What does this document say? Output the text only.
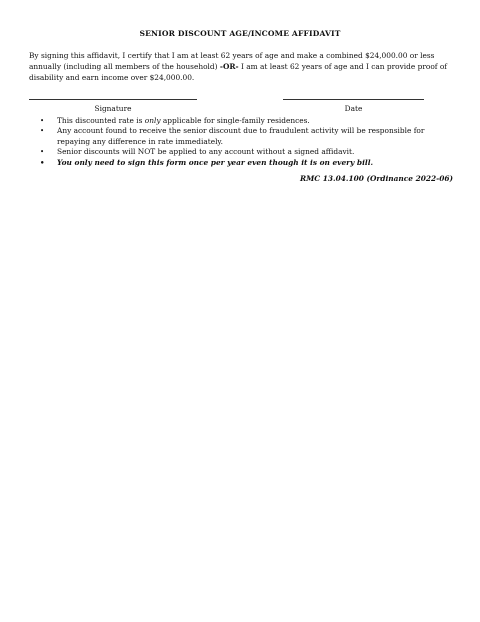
SENIOR DISCOUNT AGE/INCOME AFFIDAVIT
By signing this affidavit, I certify that I am at least 62 years of age and make a combined $24,000.00 or less annually (including all members of the household) -OR- I am at least 62 years of age and I can provide proof of disability and earn income over $24,000.00.
Signature	Date
• This discounted rate is only applicable for single-family residences.
• Any account found to receive the senior discount due to fraudulent activity will be responsible for repaying any difference in rate immediately.
• Senior discounts will NOT be applied to any account without a signed affidavit.
• You only need to sign this form once per year even though it is on every bill.
RMC 13.04.100 (Ordinance 2022-06)
